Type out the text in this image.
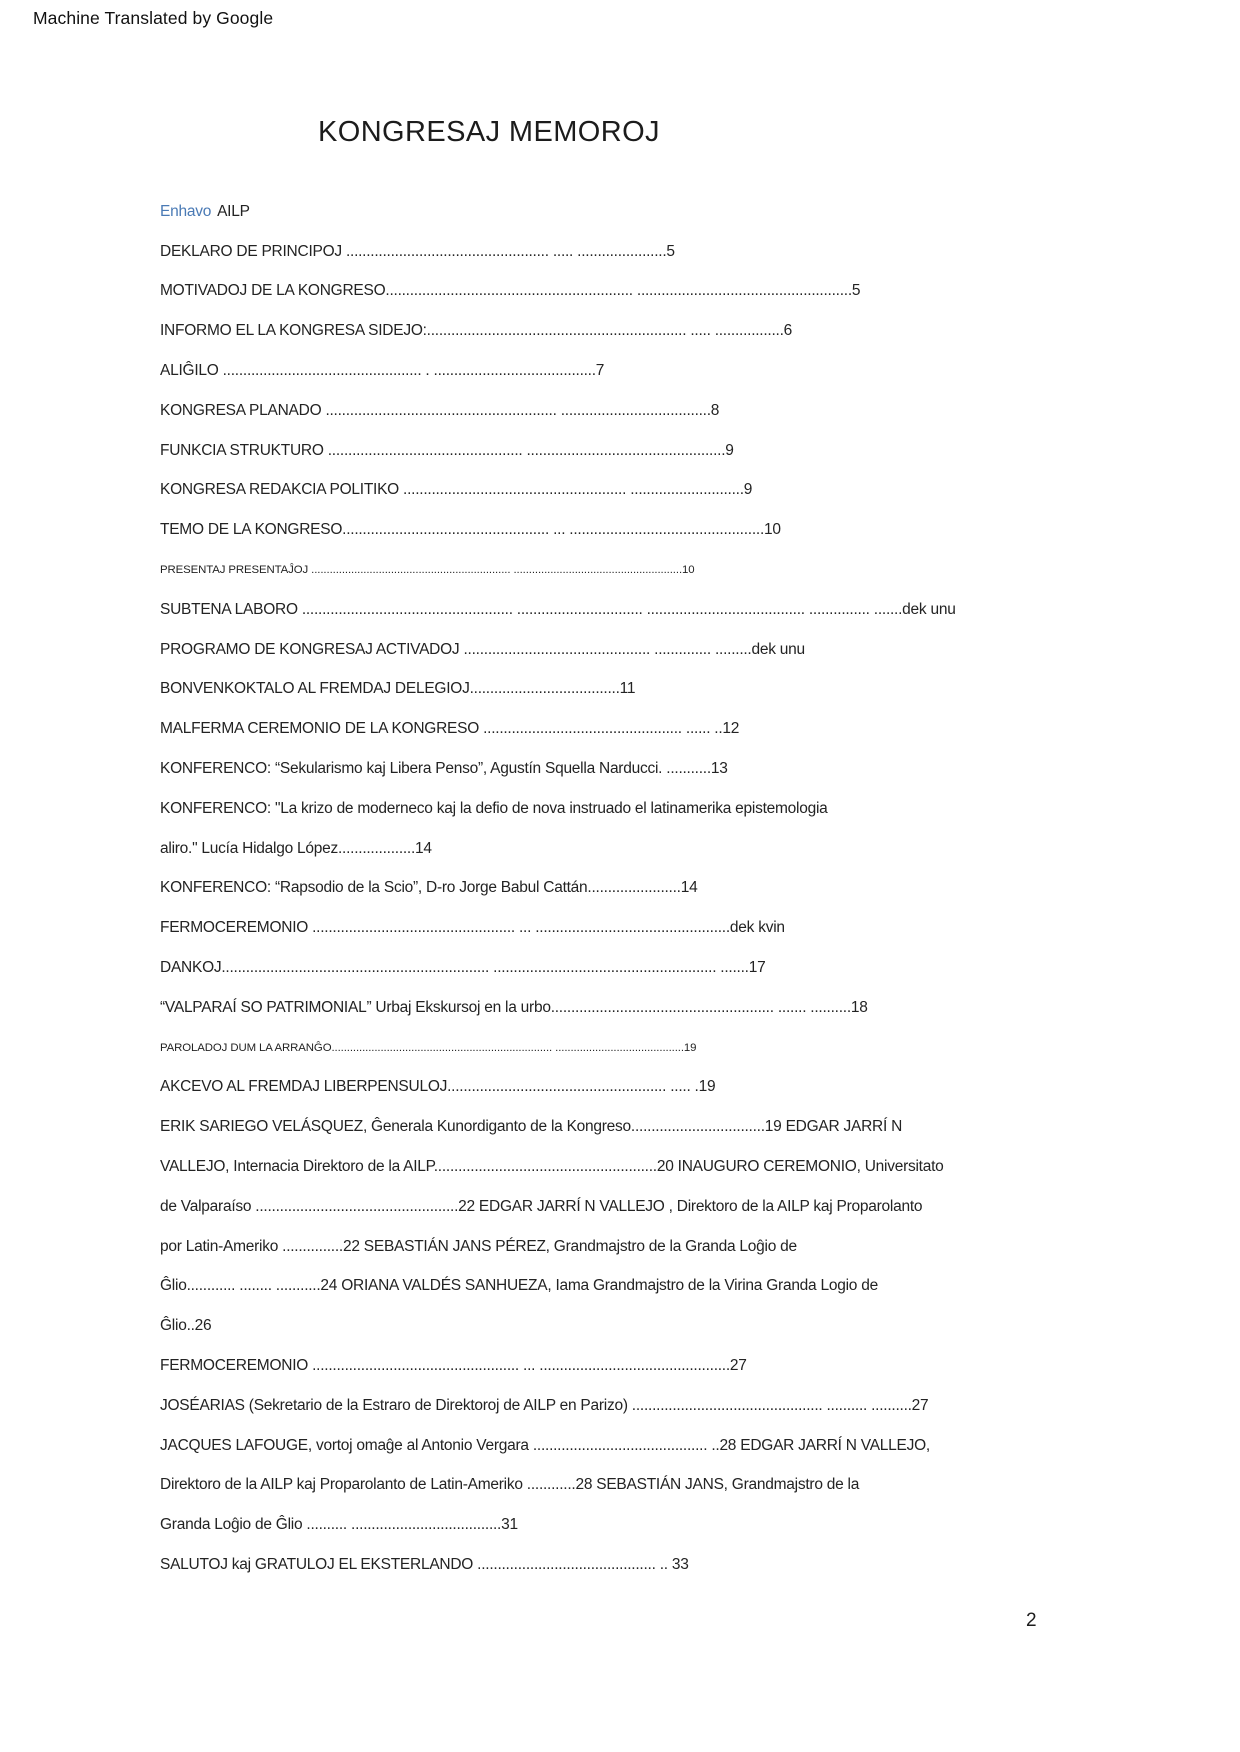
Machine Translated by Google
KONGRESAJ MEMOROJ
Enhavo AILP
DEKLARO DE PRINCIPOJ .................................................. ..... ......................5
MOTIVADOJ DE LA KONGRESO............................................................. .....................................................5
INFORMO EL LA KONGRESA SIDEJO:................................................................ ..... .................6
ALIĜILO ................................................. . ........................................7
KONGRESA PLANADO ......................................................... .....................................8
FUNKCIA STRUKTURO ................................................ .................................................9
KONGRESA REDAKCIA POLITIKO ....................................................... ............................9
TEMO DE LA KONGRESO................................................... ... ................................................10
PRESENTAJ PRESENTAĴOJ ................................................................. .......................................................10
SUBTENA LABORO .................................................... ............................... ....................................... ............... .......dek unu
PROGRAMO DE KONGRESAJ ACTIVADOJ .............................................. .............. .........dek unu
BONVENKOKTALO AL FREMDAJ DELEGIOJ.....................................11
MALFERMA CEREMONIO DE LA KONGRESO ................................................. ...... ..12
KONFERENCO: “Sekularismo kaj Libera Penso”, Agustín Squella Narducci. ...........13
KONFERENCO: "La krizo de moderneco kaj la defio de nova instruado el latinamerika epistemologia
aliro." Lucía Hidalgo López...................14
KONFERENCO: “Rapsodio de la Scio”, D-ro Jorge Babul Cattán.......................14
FERMOCEREMONIO .................................................. ... ................................................dek kvin
DANKOJ.................................................................. ....................................................... .......17
“VALPARAÍ SO PATRIMONIAL” Urbaj Ekskursoj en la urbo....................................................... ....... ..........18
PAROLADOJ DUM LA ARRANĜO........................................................................ ..........................................19
AKCEVO AL FREMDAJ LIBERPENSULOJ...................................................... ..... .19
ERIK SARIEGO VELÁSQUEZ, Ĝenerala Kunordiganto de la Kongreso.................................19 EDGAR JARRÍ N
VALLEJO, Internacia Direktoro de la AILP.......................................................20 INAUGURO CEREMONIO, Universitato
de Valparaíso ..................................................22 EDGAR JARRÍ N VALLEJO , Direktoro de la AILP kaj Proparolanto
por Latin-Ameriko ...............22 SEBASTIÁN JANS PÉREZ, Grandmajstro de la Granda Loĝio de
Ĝlio............ ........ ...........24 ORIANA VALDÉS SANHUEZA, Iama Grandmajstro de la Virina Granda Logio de
Ĝlio..26
FERMOCEREMONIO ................................................... ... ...............................................27
JOSÉARIAS (Sekretario de la Estraro de Direktoroj de AILP en Parizo) ............................................... .......... ..........27
JACQUES LAFOUGE, vortoj omaĝe al Antonio Vergara ........................................... ..28 EDGAR JARRÍ N VALLEJO,
Direktoro de la AILP kaj Proparolanto de Latin-Ameriko ............28 SEBASTIÁN JANS, Grandmajstro de la
Granda Loĝio de Ĝlio .......... .....................................31
SALUTOJ kaj GRATULOJ EL EKSTERLANDO ............................................ .. 33
2
